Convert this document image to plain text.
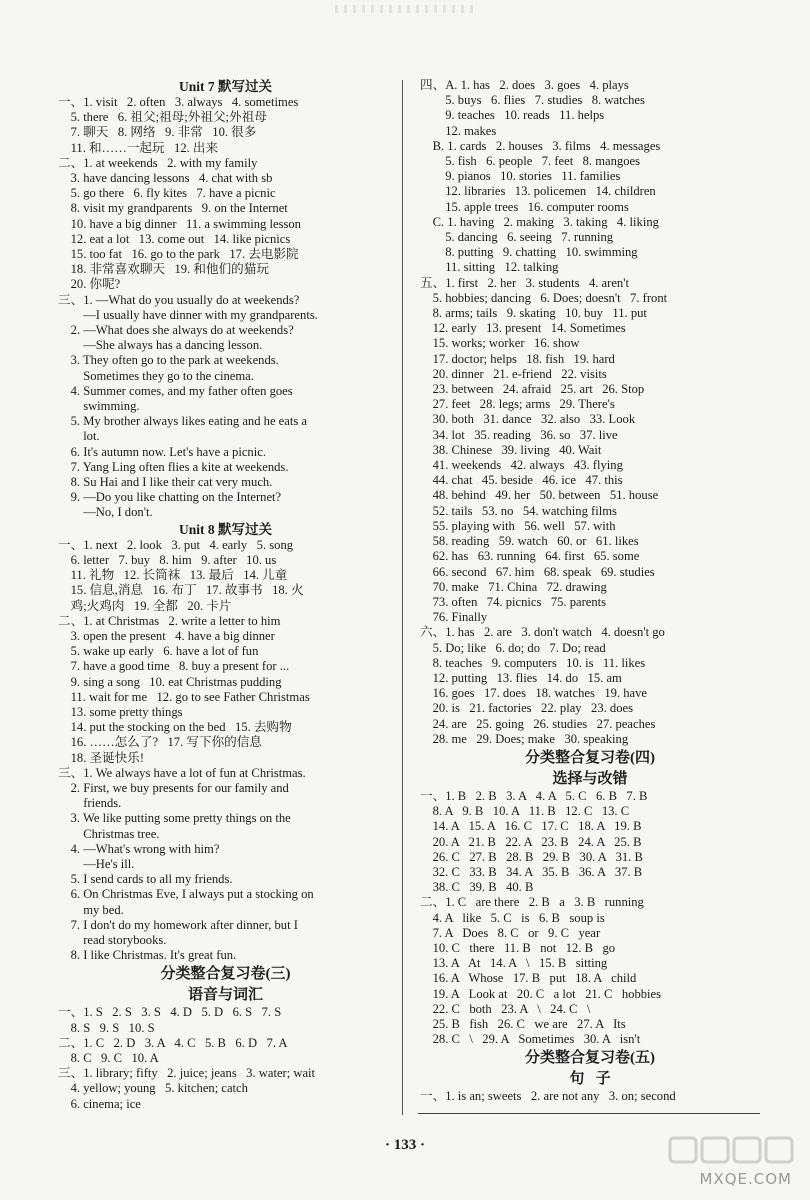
Unit 7 默写过关
一、1. visit   2. often   3. always   4. sometimes
5. there   6. 祖父;祖母;外祖父;外祖母
7. 聊天   8. 网络   9. 非常   10. 很多
11. 和……一起玩   12. 出来
二、1. at weekends   2. with my family
3. have dancing lessons   4. chat with sb
5. go there   6. fly kites   7. have a picnic
8. visit my grandparents   9. on the Internet
10. have a big dinner   11. a swimming lesson
12. eat a lot   13. come out   14. like picnics
15. too fat   16. go to the park   17. 去电影院
18. 非常喜欢聊天   19. 和他们的猫玩
20. 你呢?
三、1. —What do you usually do at weekends?
—I usually have dinner with my grandparents.
2. —What does she always do at weekends?
—She always has a dancing lesson.
3. They often go to the park at weekends.
Sometimes they go to the cinema.
4. Summer comes, and my father often goes
swimming.
5. My brother always likes eating and he eats a
lot.
6. It's autumn now. Let's have a picnic.
7. Yang Ling often flies a kite at weekends.
8. Su Hai and I like their cat very much.
9. —Do you like chatting on the Internet?
—No, I don't.
Unit 8 默写过关
一、1. next   2. look   3. put   4. early   5. song
6. letter   7. buy   8. him   9. after   10. us
11. 礼物   12. 长筒袜   13. 最后   14. 儿童
15. 信息,消息   16. 布丁   17. 故事书   18. 火
鸡;火鸡肉   19. 全都   20. 卡片
二、1. at Christmas   2. write a letter to him
3. open the present   4. have a big dinner
5. wake up early   6. have a lot of fun
7. have a good time   8. buy a present for ...
9. sing a song   10. eat Christmas pudding
11. wait for me   12. go to see Father Christmas
13. some pretty things
14. put the stocking on the bed   15. 去购物
16. ……怎么了?   17. 写下你的信息
18. 圣诞快乐!
三、1. We always have a lot of fun at Christmas.
2. First, we buy presents for our family and
friends.
3. We like putting some pretty things on the
Christmas tree.
4. —What's wrong with him?
—He's ill.
5. I send cards to all my friends.
6. On Christmas Eve, I always put a stocking on
my bed.
7. I don't do my homework after dinner, but I
read storybooks.
8. I like Christmas. It's great fun.
分类整合复习卷(三)
语音与词汇
一、1. S   2. S   3. S   4. D   5. D   6. S   7. S
8. S   9. S   10. S
二、1. C   2. D   3. A   4. C   5. B   6. D   7. A
8. C   9. C   10. A
三、1. library; fifty   2. juice; jeans   3. water; wait
4. yellow; young   5. kitchen; catch
6. cinema; ice
四、A. 1. has   2. does   3. goes   4. plays
5. buys   6. flies   7. studies   8. watches
9. teaches   10. reads   11. helps
12. makes
B. 1. cards   2. houses   3. films   4. messages
5. fish   6. people   7. feet   8. mangoes
9. pianos   10. stories   11. families
12. libraries   13. policemen   14. children
15. apple trees   16. computer rooms
C. 1. having   2. making   3. taking   4. liking
5. dancing   6. seeing   7. running
8. putting   9. chatting   10. swimming
11. sitting   12. talking
五、1. first   2. her   3. students   4. aren't
5. hobbies; dancing   6. Does; doesn't   7. front
8. arms; tails   9. skating   10. buy   11. put
12. early   13. present   14. Sometimes
15. works; worker   16. show
17. doctor; helps   18. fish   19. hard
20. dinner   21. e-friend   22. visits
23. between   24. afraid   25. art   26. Stop
27. feet   28. legs; arms   29. There's
30. both   31. dance   32. also   33. Look
34. lot   35. reading   36. so   37. live
38. Chinese   39. living   40. Wait
41. weekends   42. always   43. flying
44. chat   45. beside   46. ice   47. this
48. behind   49. her   50. between   51. house
52. tails   53. no   54. watching films
55. playing with   56. well   57. with
58. reading   59. watch   60. or   61. likes
62. has   63. running   64. first   65. some
66. second   67. him   68. speak   69. studies
70. make   71. China   72. drawing
73. often   74. picnics   75. parents
76. Finally
六、1. has   2. are   3. don't watch   4. doesn't go
5. Do; like   6. do; do   7. Do; read
8. teaches   9. computers   10. is   11. likes
12. putting   13. flies   14. do   15. am
16. goes   17. does   18. watches   19. have
20. is   21. factories   22. play   23. does
24. are   25. going   26. studies   27. peaches
28. me   29. Does; make   30. speaking
分类整合复习卷(四)
选择与改错
一、1. B   2. B   3. A   4. A   5. C   6. B   7. B
8. A   9. B   10. A   11. B   12. C   13. C
14. A   15. A   16. C   17. C   18. A   19. B
20. A   21. B   22. A   23. B   24. A   25. B
26. C   27. B   28. B   29. B   30. A   31. B
32. C   33. B   34. A   35. B   36. A   37. B
38. C   39. B   40. B
二、1. C   are there   2. B   a   3. B   running
4. A   like   5. C   is   6. B   soup is
7. A   Does   8. C   or   9. C   year
10. C   there   11. B   not   12. B   go
13. A   At   14. A   \   15. B   sitting
16. A   Whose   17. B   put   18. A   child
19. A   Look at   20. C   a lot   21. C   hobbies
22. C   both   23. A   \   24. C   \
25. B   fish   26. C   we are   27. A   Its
28. C   \   29. A   Sometimes   30. A   isn't
分类整合复习卷(五)
句   子
一、1. is an; sweets   2. are not any   3. on; second
· 133 ·
MXQE.COM
